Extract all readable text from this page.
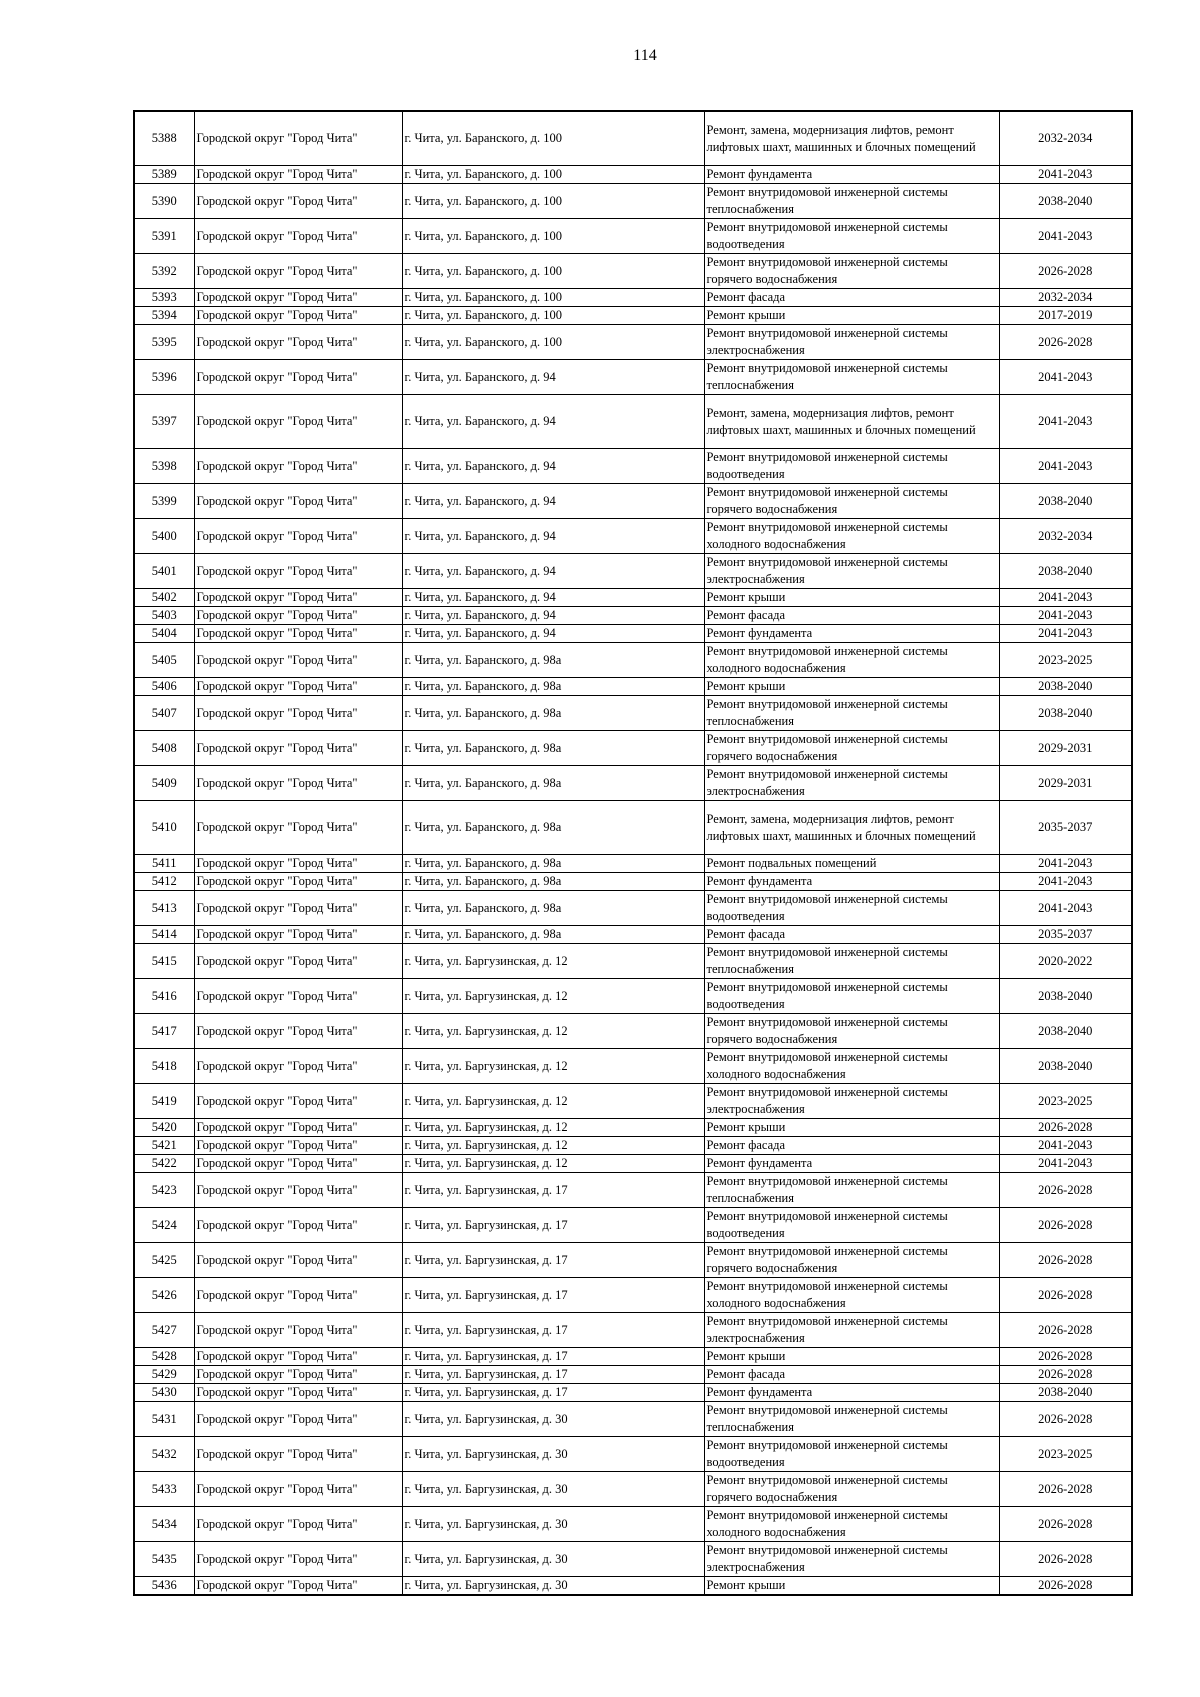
114
5388	Городской округ "Город Чита"	г. Чита, ул. Баранского, д. 100	Ремонт, замена, модернизация лифтов, ремонт лифтовых шахт, машинных и блочных помещений	2032-2034
5389	Городской округ "Город Чита"	г. Чита, ул. Баранского, д. 100	Ремонт фундамента	2041-2043
5390	Городской округ "Город Чита"	г. Чита, ул. Баранского, д. 100	Ремонт внутридомовой инженерной системы теплоснабжения	2038-2040
5391	Городской округ "Город Чита"	г. Чита, ул. Баранского, д. 100	Ремонт внутридомовой инженерной системы водоотведения	2041-2043
5392	Городской округ "Город Чита"	г. Чита, ул. Баранского, д. 100	Ремонт внутридомовой инженерной системы горячего водоснабжения	2026-2028
5393	Городской округ "Город Чита"	г. Чита, ул. Баранского, д. 100	Ремонт фасада	2032-2034
5394	Городской округ "Город Чита"	г. Чита, ул. Баранского, д. 100	Ремонт крыши	2017-2019
5395	Городской округ "Город Чита"	г. Чита, ул. Баранского, д. 100	Ремонт внутридомовой инженерной системы электроснабжения	2026-2028
5396	Городской округ "Город Чита"	г. Чита, ул. Баранского, д. 94	Ремонт внутридомовой инженерной системы теплоснабжения	2041-2043
5397	Городской округ "Город Чита"	г. Чита, ул. Баранского, д. 94	Ремонт, замена, модернизация лифтов, ремонт лифтовых шахт, машинных и блочных помещений	2041-2043
5398	Городской округ "Город Чита"	г. Чита, ул. Баранского, д. 94	Ремонт внутридомовой инженерной системы водоотведения	2041-2043
5399	Городской округ "Город Чита"	г. Чита, ул. Баранского, д. 94	Ремонт внутридомовой инженерной системы горячего водоснабжения	2038-2040
5400	Городской округ "Город Чита"	г. Чита, ул. Баранского, д. 94	Ремонт внутридомовой инженерной системы холодного водоснабжения	2032-2034
5401	Городской округ "Город Чита"	г. Чита, ул. Баранского, д. 94	Ремонт внутридомовой инженерной системы электроснабжения	2038-2040
5402	Городской округ "Город Чита"	г. Чита, ул. Баранского, д. 94	Ремонт крыши	2041-2043
5403	Городской округ "Город Чита"	г. Чита, ул. Баранского, д. 94	Ремонт фасада	2041-2043
5404	Городской округ "Город Чита"	г. Чита, ул. Баранского, д. 94	Ремонт фундамента	2041-2043
5405	Городской округ "Город Чита"	г. Чита, ул. Баранского, д. 98а	Ремонт внутридомовой инженерной системы холодного водоснабжения	2023-2025
5406	Городской округ "Город Чита"	г. Чита, ул. Баранского, д. 98а	Ремонт крыши	2038-2040
5407	Городской округ "Город Чита"	г. Чита, ул. Баранского, д. 98а	Ремонт внутридомовой инженерной системы теплоснабжения	2038-2040
5408	Городской округ "Город Чита"	г. Чита, ул. Баранского, д. 98а	Ремонт внутридомовой инженерной системы горячего водоснабжения	2029-2031
5409	Городской округ "Город Чита"	г. Чита, ул. Баранского, д. 98а	Ремонт внутридомовой инженерной системы электроснабжения	2029-2031
5410	Городской округ "Город Чита"	г. Чита, ул. Баранского, д. 98а	Ремонт, замена, модернизация лифтов, ремонт лифтовых шахт, машинных и блочных помещений	2035-2037
5411	Городской округ "Город Чита"	г. Чита, ул. Баранского, д. 98а	Ремонт подвальных помещений	2041-2043
5412	Городской округ "Город Чита"	г. Чита, ул. Баранского, д. 98а	Ремонт фундамента	2041-2043
5413	Городской округ "Город Чита"	г. Чита, ул. Баранского, д. 98а	Ремонт внутридомовой инженерной системы водоотведения	2041-2043
5414	Городской округ "Город Чита"	г. Чита, ул. Баранского, д. 98а	Ремонт фасада	2035-2037
5415	Городской округ "Город Чита"	г. Чита, ул. Баргузинская, д. 12	Ремонт внутридомовой инженерной системы теплоснабжения	2020-2022
5416	Городской округ "Город Чита"	г. Чита, ул. Баргузинская, д. 12	Ремонт внутридомовой инженерной системы водоотведения	2038-2040
5417	Городской округ "Город Чита"	г. Чита, ул. Баргузинская, д. 12	Ремонт внутридомовой инженерной системы горячего водоснабжения	2038-2040
5418	Городской округ "Город Чита"	г. Чита, ул. Баргузинская, д. 12	Ремонт внутридомовой инженерной системы холодного водоснабжения	2038-2040
5419	Городской округ "Город Чита"	г. Чита, ул. Баргузинская, д. 12	Ремонт внутридомовой инженерной системы электроснабжения	2023-2025
5420	Городской округ "Город Чита"	г. Чита, ул. Баргузинская, д. 12	Ремонт крыши	2026-2028
5421	Городской округ "Город Чита"	г. Чита, ул. Баргузинская, д. 12	Ремонт фасада	2041-2043
5422	Городской округ "Город Чита"	г. Чита, ул. Баргузинская, д. 12	Ремонт фундамента	2041-2043
5423	Городской округ "Город Чита"	г. Чита, ул. Баргузинская, д. 17	Ремонт внутридомовой инженерной системы теплоснабжения	2026-2028
5424	Городской округ "Город Чита"	г. Чита, ул. Баргузинская, д. 17	Ремонт внутридомовой инженерной системы водоотведения	2026-2028
5425	Городской округ "Город Чита"	г. Чита, ул. Баргузинская, д. 17	Ремонт внутридомовой инженерной системы горячего водоснабжения	2026-2028
5426	Городской округ "Город Чита"	г. Чита, ул. Баргузинская, д. 17	Ремонт внутридомовой инженерной системы холодного водоснабжения	2026-2028
5427	Городской округ "Город Чита"	г. Чита, ул. Баргузинская, д. 17	Ремонт внутридомовой инженерной системы электроснабжения	2026-2028
5428	Городской округ "Город Чита"	г. Чита, ул. Баргузинская, д. 17	Ремонт крыши	2026-2028
5429	Городской округ "Город Чита"	г. Чита, ул. Баргузинская, д. 17	Ремонт фасада	2026-2028
5430	Городской округ "Город Чита"	г. Чита, ул. Баргузинская, д. 17	Ремонт фундамента	2038-2040
5431	Городской округ "Город Чита"	г. Чита, ул. Баргузинская, д. 30	Ремонт внутридомовой инженерной системы теплоснабжения	2026-2028
5432	Городской округ "Город Чита"	г. Чита, ул. Баргузинская, д. 30	Ремонт внутридомовой инженерной системы водоотведения	2023-2025
5433	Городской округ "Город Чита"	г. Чита, ул. Баргузинская, д. 30	Ремонт внутридомовой инженерной системы горячего водоснабжения	2026-2028
5434	Городской округ "Город Чита"	г. Чита, ул. Баргузинская, д. 30	Ремонт внутридомовой инженерной системы холодного водоснабжения	2026-2028
5435	Городской округ "Город Чита"	г. Чита, ул. Баргузинская, д. 30	Ремонт внутридомовой инженерной системы электроснабжения	2026-2028
5436	Городской округ "Город Чита"	г. Чита, ул. Баргузинская, д. 30	Ремонт крыши	2026-2028
